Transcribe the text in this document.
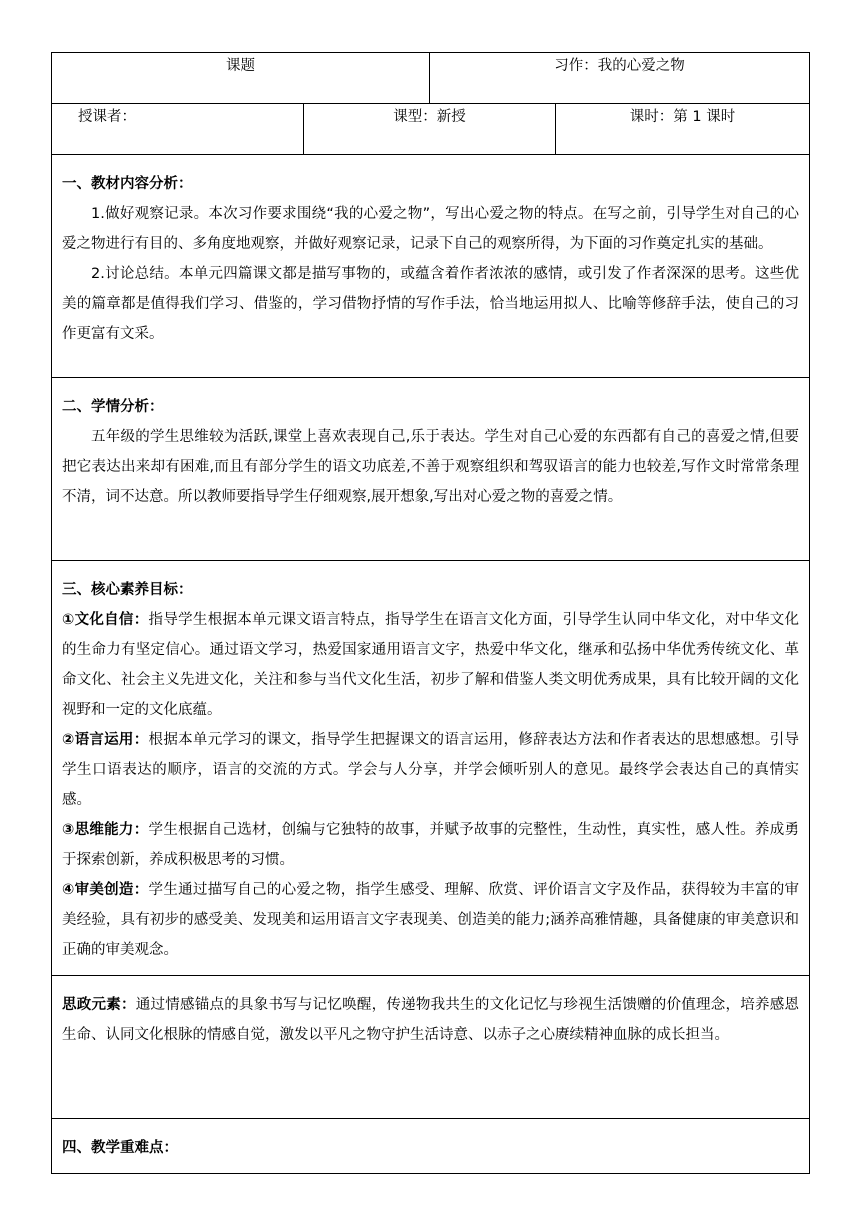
课题		习作：我的心爱之物	
授课者：	课型：新授		课时：第 1 课时

一、教材内容分析：
1.做好观察记录。本次习作要求围绕“我的心爱之物”，写出心爱之物的特点。在写之前，引导学生对自己的心爱之物进行有目的、多角度地观察，并做好观察记录，记录下自己的观察所得，为下面的习作奠定扎实的基础。
2.讨论总结。本单元四篇课文都是描写事物的，或蕴含着作者浓浓的感情，或引发了作者深深的思考。这些优美的篇章都是值得我们学习、借鉴的，学习借物抒情的写作手法，恰当地运用拟人、比喻等修辞手法，使自己的习作更富有文采。			

二、学情分析：
五年级的学生思维较为活跃,课堂上喜欢表现自己,乐于表达。学生对自己心爱的东西都有自己的喜爱之情,但要把它表达出来却有困难,而且有部分学生的语文功底差,不善于观察组织和驾驭语言的能力也较差,写作文时常常条理不清，词不达意。所以教师要指导学生仔细观察,展开想象,写出对心爱之物的喜爱之情。			

三、核心素养目标：
①文化自信：指导学生根据本单元课文语言特点，指导学生在语言文化方面，引导学生认同中华文化，对中华文化的生命力有坚定信心。通过语文学习，热爱国家通用语言文字，热爱中华文化，继承和弘扬中华优秀传统文化、革命文化、社会主义先进文化，关注和参与当代文化生活，初步了解和借鉴人类文明优秀成果，具有比较开阔的文化视野和一定的文化底蕴。
②语言运用：根据本单元学习的课文，指导学生把握课文的语言运用，修辞表达方法和作者表达的思想感想。引导学生口语表达的顺序，语言的交流的方式。学会与人分享，并学会倾听别人的意见。最终学会表达自己的真情实感。
③思维能力：学生根据自己选材，创编与它独特的故事，并赋予故事的完整性，生动性，真实性，感人性。养成勇于探索创新，养成积极思考的习惯。
④审美创造：学生通过描写自己的心爱之物，指学生感受、理解、欣赏、评价语言文字及作品，获得较为丰富的审美经验，具有初步的感受美、发现美和运用语言文字表现美、创造美的能力;涵养高雅情趣，具备健康的审美意识和正确的审美观念。			

思政元素：通过情感锚点的具象书写与记忆唤醒，传递物我共生的文化记忆与珍视生活馈赠的价值理念，培养感恩生命、认同文化根脉的情感自觉，激发以平凡之物守护生活诗意、以赤子之心赓续精神血脉的成长担当。			

四、教学重难点：			
